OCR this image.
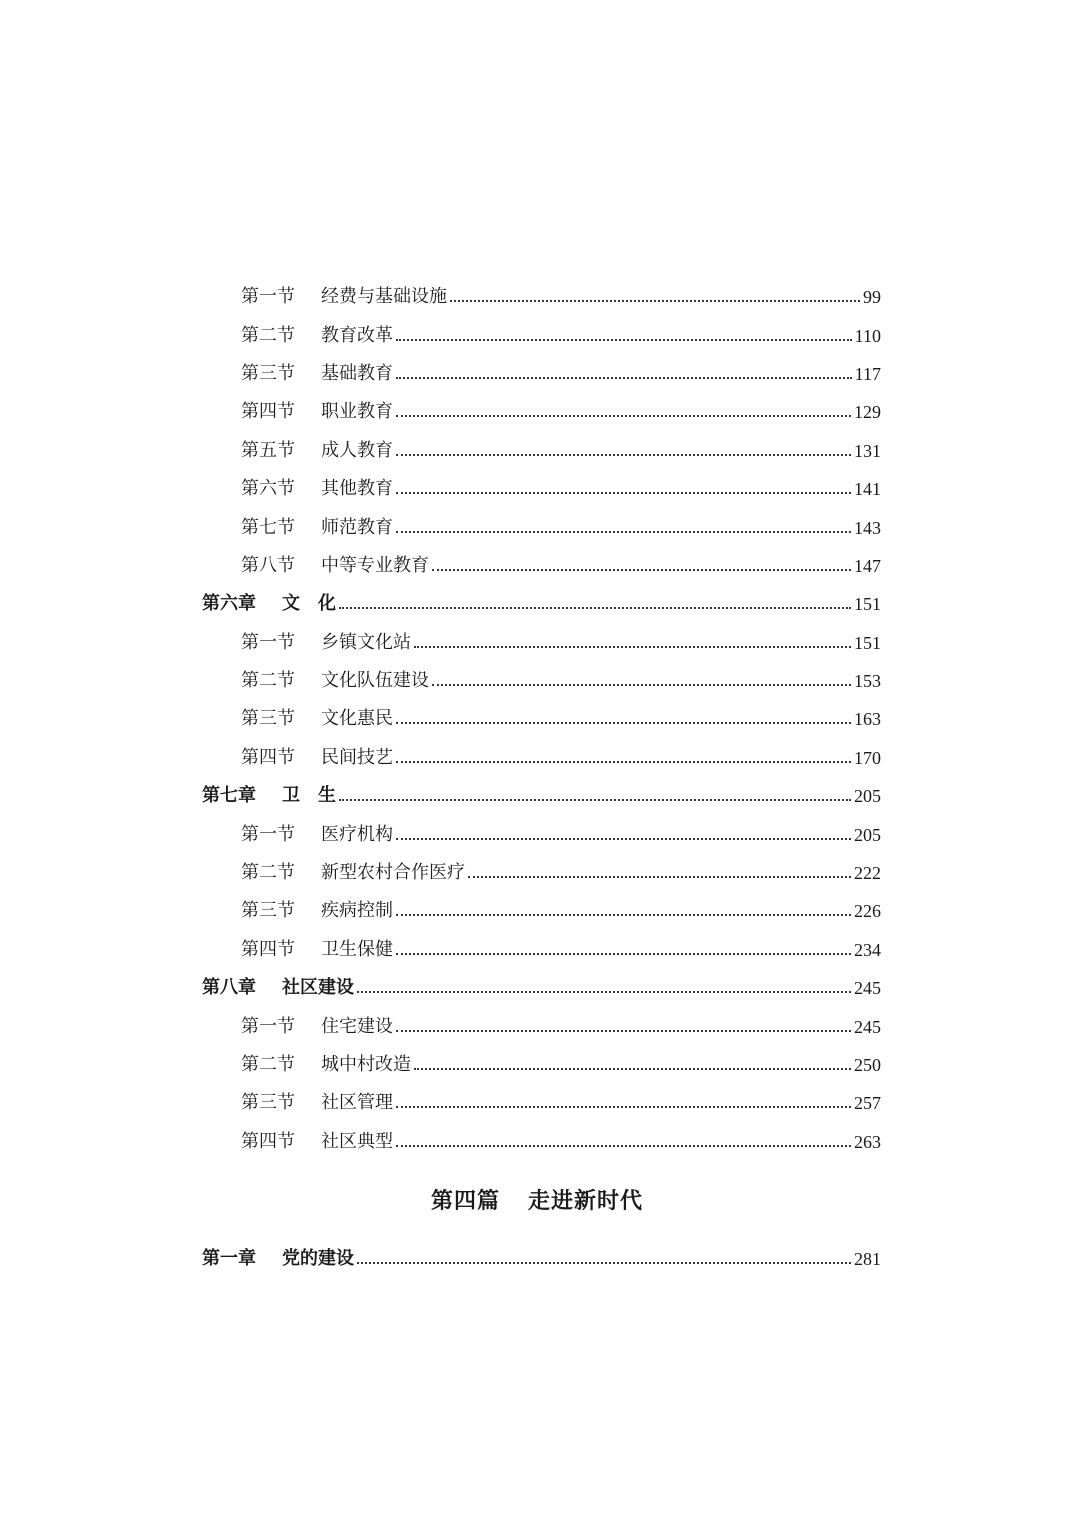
第一节	经费与基础设施	99
第二节	教育改革	110
第三节	基础教育	117
第四节	职业教育	129
第五节	成人教育	131
第六节	其他教育	141
第七节	师范教育	143
第八节	中等专业教育	147
第六章	文　化	151
第一节	乡镇文化站	151
第二节	文化队伍建设	153
第三节	文化惠民	163
第四节	民间技艺	170
第七章	卫　生	205
第一节	医疗机构	205
第二节	新型农村合作医疗	222
第三节	疾病控制	226
第四节	卫生保健	234
第八章	社区建设	245
第一节	住宅建设	245
第二节	城中村改造	250
第三节	社区管理	257
第四节	社区典型	263
第四篇 走进新时代
第一章	党的建设	281
